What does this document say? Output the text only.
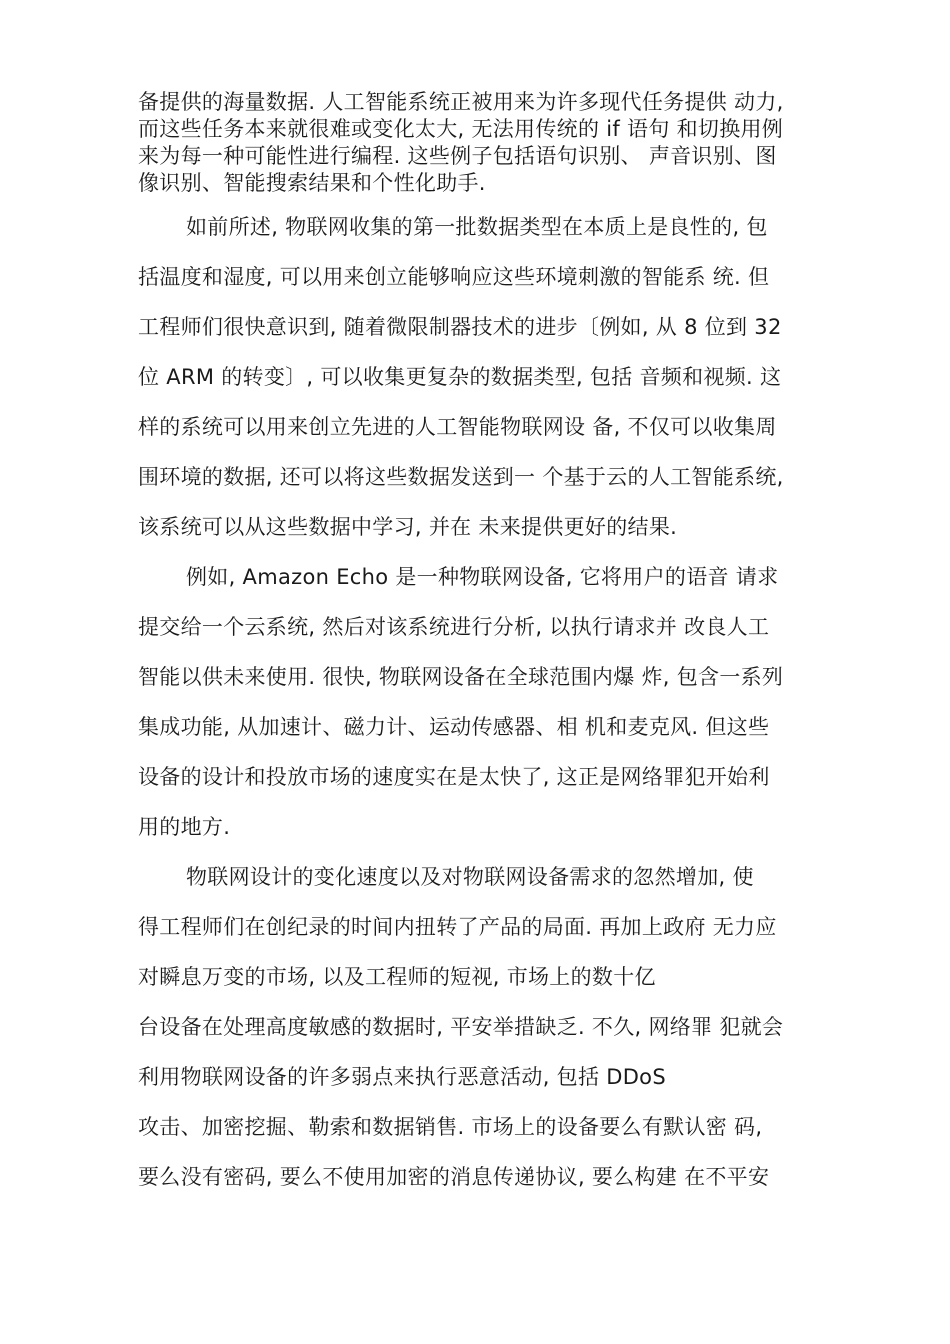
备提供的海量数据. 人工智能系统正被用来为许多现代任务提供 动力,
而这些任务本来就很难或变化太大, 无法用传统的 if 语句 和切换用例
来为每一种可能性进行编程. 这些例子包括语句识别、 声音识别、图
像识别、智能搜索结果和个性化助手.
如前所述, 物联网收集的第一批数据类型在本质上是良性的, 包
括温度和湿度, 可以用来创立能够响应这些环境刺激的智能系 统. 但
工程师们很快意识到, 随着微限制器技术的进步〔例如, 从 8 位到 32
位 ARM 的转变〕, 可以收集更复杂的数据类型, 包括 音频和视频. 这
样的系统可以用来创立先进的人工智能物联网设 备, 不仅可以收集周
围环境的数据, 还可以将这些数据发送到一 个基于云的人工智能系统,
该系统可以从这些数据中学习, 并在 未来提供更好的结果.
例如, Amazon Echo 是一种物联网设备, 它将用户的语音 请求
提交给一个云系统, 然后对该系统进行分析, 以执行请求并 改良人工
智能以供未来使用. 很快, 物联网设备在全球范围内爆 炸, 包含一系列
集成功能, 从加速计、磁力计、运动传感器、相 机和麦克风. 但这些
设备的设计和投放市场的速度实在是太快了, 这正是网络罪犯开始利
用的地方.
物联网设计的变化速度以及对物联网设备需求的忽然增加, 使
得工程师们在创纪录的时间内扭转了产品的局面. 再加上政府 无力应
对瞬息万变的市场, 以及工程师的短视, 市场上的数十亿
台设备在处理高度敏感的数据时, 平安举措缺乏. 不久, 网络罪 犯就会
利用物联网设备的许多弱点来执行恶意活动, 包括 DDoS
攻击、加密挖掘、勒索和数据销售. 市场上的设备要么有默认密 码,
要么没有密码, 要么不使用加密的消息传递协议, 要么构建 在不平安
